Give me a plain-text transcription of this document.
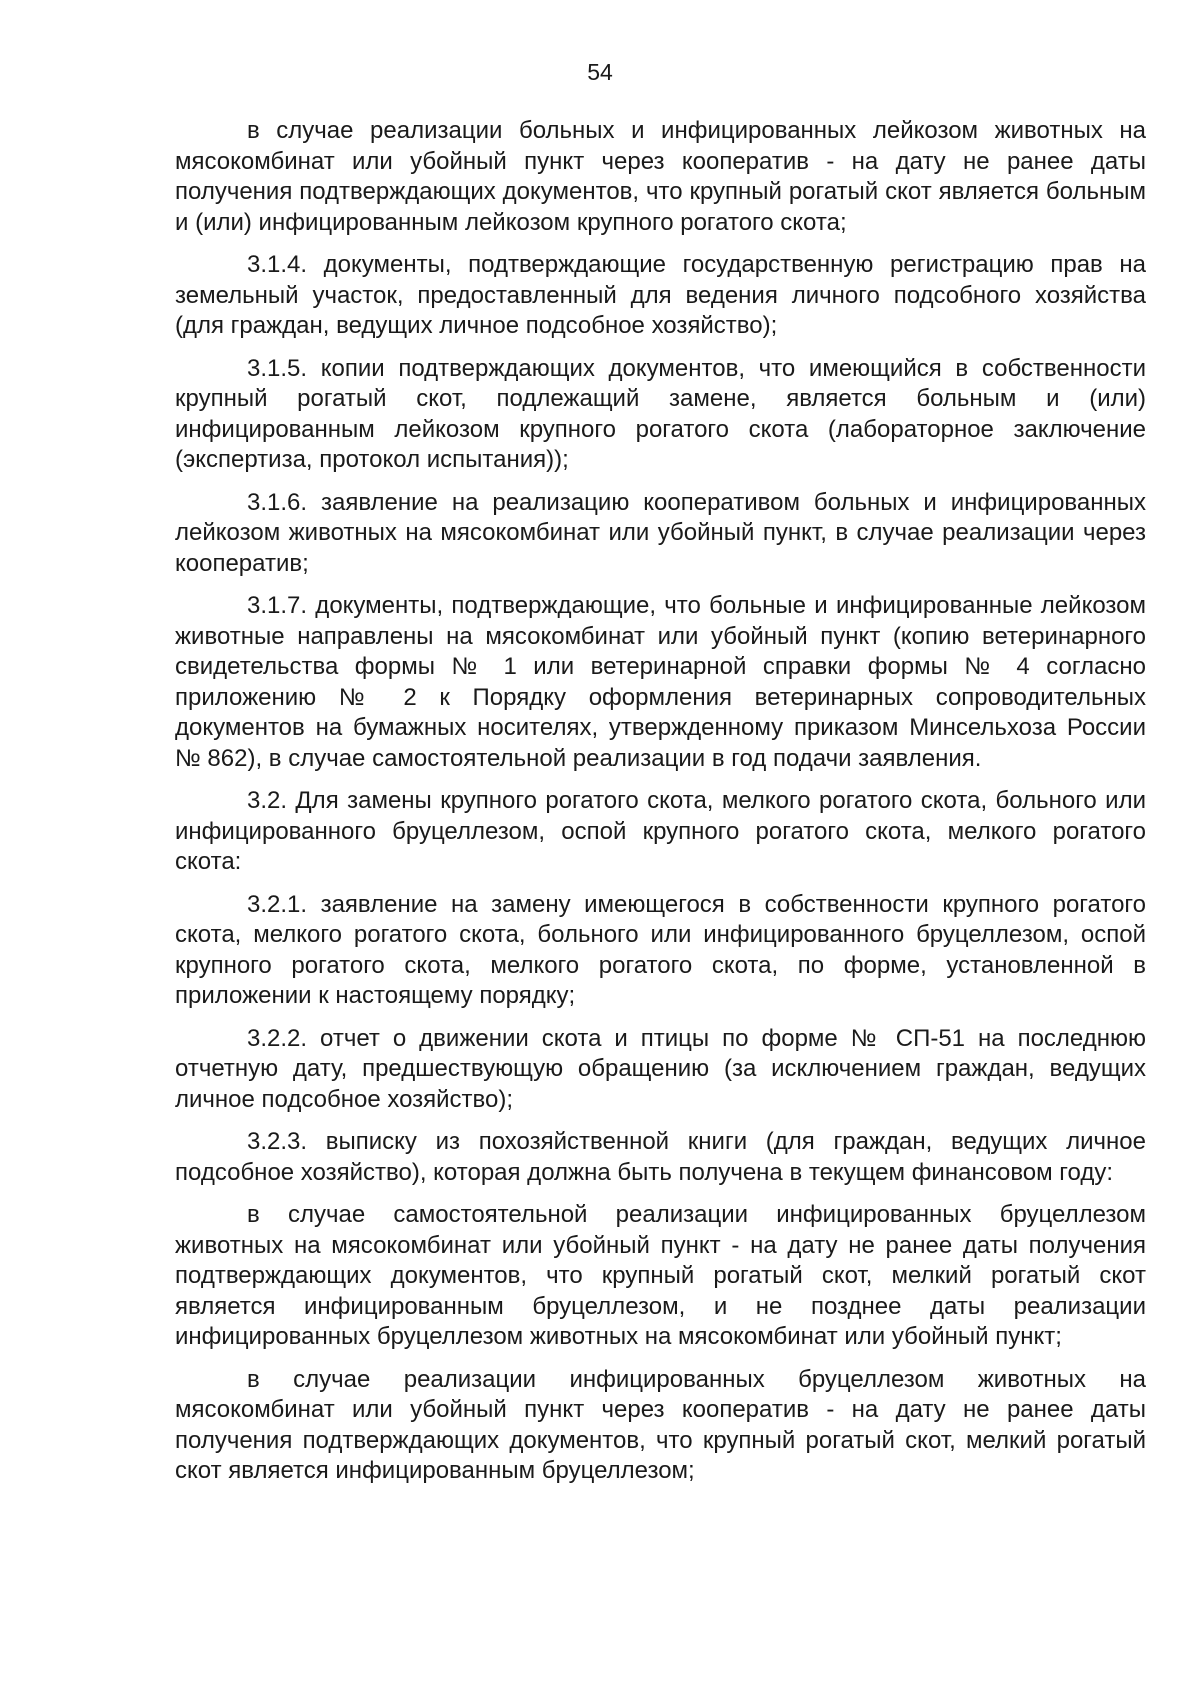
54

в случае реализации больных и инфицированных лейкозом животных на мясокомбинат или убойный пункт через кооператив - на дату не ранее даты получения подтверждающих документов, что крупный рогатый скот является больным и (или) инфицированным лейкозом крупного рогатого скота;

3.1.4. документы, подтверждающие государственную регистрацию прав на земельный участок, предоставленный для ведения личного подсобного хозяйства (для граждан, ведущих личное подсобное хозяйство);

3.1.5. копии подтверждающих документов, что имеющийся в собственности крупный рогатый скот, подлежащий замене, является больным и (или) инфицированным лейкозом крупного рогатого скота (лабораторное заключение (экспертиза, протокол испытания));

3.1.6. заявление на реализацию кооперативом больных и инфицированных лейкозом животных на мясокомбинат или убойный пункт, в случае реализации через кооператив;

3.1.7. документы, подтверждающие, что больные и инфицированные лейкозом животные направлены на мясокомбинат или убойный пункт (копию ветеринарного свидетельства формы № 1 или ветеринарной справки формы № 4 согласно приложению № 2 к Порядку оформления ветеринарных сопроводительных документов на бумажных носителях, утвержденному приказом Минсельхоза России № 862), в случае самостоятельной реализации в год подачи заявления.

3.2. Для замены крупного рогатого скота, мелкого рогатого скота, больного или инфицированного бруцеллезом, оспой крупного рогатого скота, мелкого рогатого скота:

3.2.1. заявление на замену имеющегося в собственности крупного рогатого скота, мелкого рогатого скота, больного или инфицированного бруцеллезом, оспой крупного рогатого скота, мелкого рогатого скота, по форме, установленной в приложении к настоящему порядку;

3.2.2. отчет о движении скота и птицы по форме № СП-51 на последнюю отчетную дату, предшествующую обращению (за исключением граждан, ведущих личное подсобное хозяйство);

3.2.3. выписку из похозяйственной книги (для граждан, ведущих личное подсобное хозяйство), которая должна быть получена в текущем финансовом году:

в случае самостоятельной реализации инфицированных бруцеллезом животных на мясокомбинат или убойный пункт - на дату не ранее даты получения подтверждающих документов, что крупный рогатый скот, мелкий рогатый скот является инфицированным бруцеллезом, и не позднее даты реализации инфицированных бруцеллезом животных на мясокомбинат или убойный пункт;

в случае реализации инфицированных бруцеллезом животных на мясокомбинат или убойный пункт через кооператив - на дату не ранее даты получения подтверждающих документов, что крупный рогатый скот, мелкий рогатый скот является инфицированным бруцеллезом;
